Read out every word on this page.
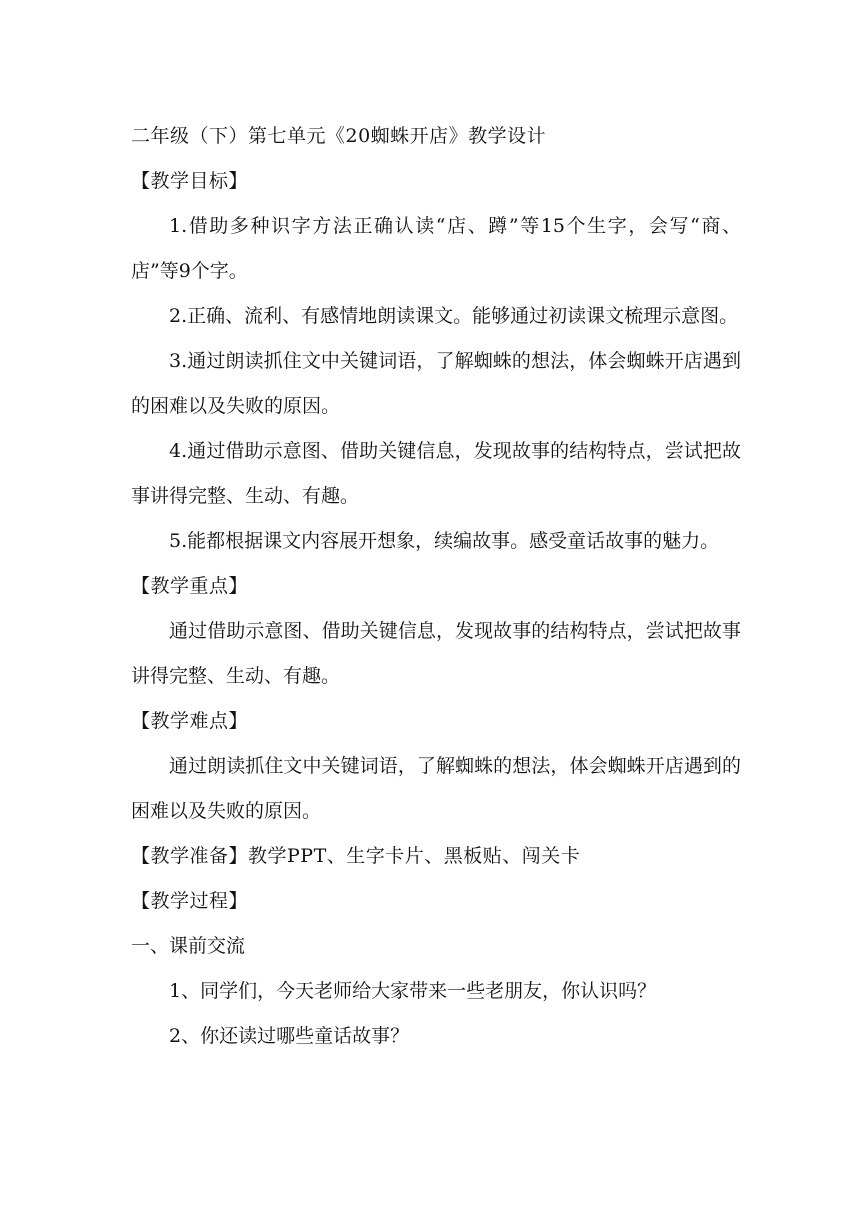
二年级（下）第七单元《20蜘蛛开店》教学设计

【教学目标】

1.借助多种识字方法正确认读“店、蹲”等15个生字，会写“商、店”等9个字。

2.正确、流利、有感情地朗读课文。能够通过初读课文梳理示意图。

3.通过朗读抓住文中关键词语，了解蜘蛛的想法，体会蜘蛛开店遇到的困难以及失败的原因。

4.通过借助示意图、借助关键信息，发现故事的结构特点，尝试把故事讲得完整、生动、有趣。

5.能都根据课文内容展开想象，续编故事。感受童话故事的魅力。

【教学重点】

通过借助示意图、借助关键信息，发现故事的结构特点，尝试把故事讲得完整、生动、有趣。

【教学难点】

通过朗读抓住文中关键词语，了解蜘蛛的想法，体会蜘蛛开店遇到的困难以及失败的原因。

【教学准备】教学PPT、生字卡片、黑板贴、闯关卡

【教学过程】

一、课前交流

1、同学们，今天老师给大家带来一些老朋友，你认识吗？

2、你还读过哪些童话故事？
